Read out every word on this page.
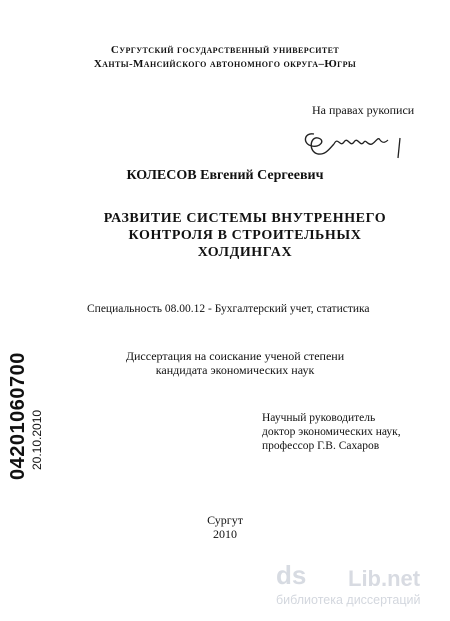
Сургутский государственный университет
Ханты-Мансийского автономного округа–Югры
На правах рукописи
КОЛЕСОВ Евгений Сергеевич
РАЗВИТИЕ СИСТЕМЫ ВНУТРЕННЕГО
КОНТРОЛЯ В СТРОИТЕЛЬНЫХ
ХОЛДИНГАХ
Специальность 08.00.12 - Бухгалтерский учет, статистика
Диссертация на соискание ученой степени
кандидата экономических наук
Научный руководитель
доктор экономических наук,
профессор Г.В. Сахаров
Сургут
2010
04201060700 20.10.2010
ds	Lib.net
библиотека диссертаций
